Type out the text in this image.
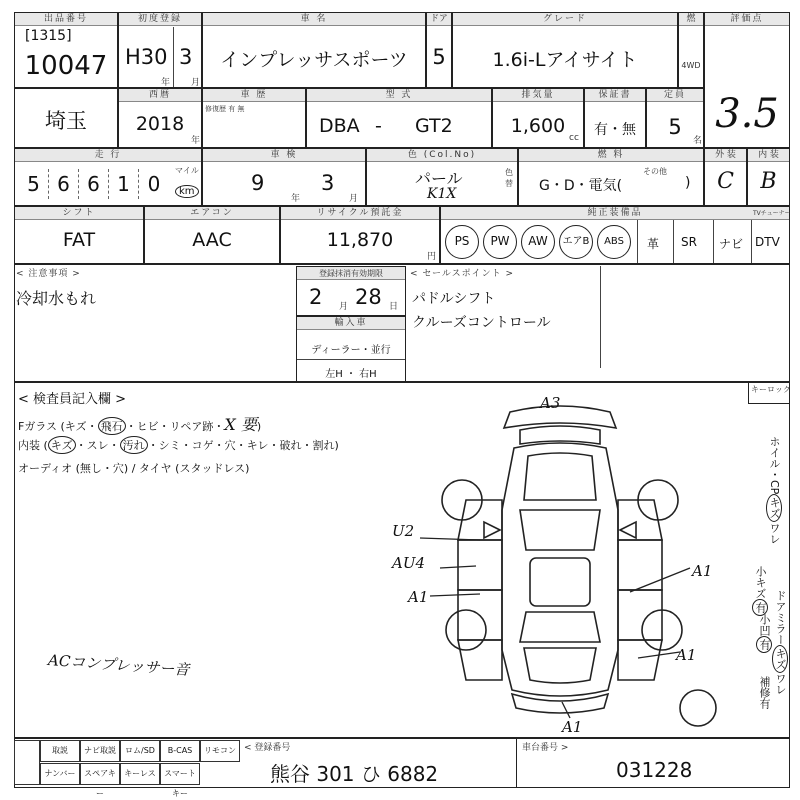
出品番号
[1315]
10047
初度登録
H30 3
年 月
車 名
インプレッサスポーツ
ドア
5
グレード
1.6i-Lアイサイト
燃
4WD
評価点
3.5
埼玉
西暦
2018
年
車 歴
修復歴 有 無
型 式
DBA - GT2
排気量
1,600
cc
保証書
有・無
定員
5
名
走 行
5 6 6 1 0
マイル
km
車 検
9
年
3
月
色 (Col.No)
パール
K1X
色替
燃 料
G・D・電気(
その他
)
外 装
C
内 装
B
シフト
FAT
エアコン
AAC
リサイクル預託金
11,870
円
純正装備品
PS	PW	AW	エアB	ABS	革 SR ナビ DTV
TVチューナー
< 注意事項 >
冷却水もれ
登録抹消有効期限
2 月 28 日
輸入車
ディーラー・並行
左H ・ 右H
< セールスポイント >
パドルシフト
クルーズコントロール
< 検査員記入欄 >
Fガラス (キズ・ 飛石 ・ヒビ・リペア跡・X 要)
内装 ( キズ ・スレ・ 汚れ ・シミ・コゲ・穴・キレ・破れ・割れ)
オーディオ (無し・穴) / タイヤ (スタッドレス)
ACコンプレッサー音
キーロック
A3
U2
AU4
A1
A1
A1
A1
ホイル・CPキズワレ
小キズ有 ドアミラーキズワレ
小凹有
補修有
取説	ナビ取説	ロム/SD	B-CAS	リモコン
ナンバー	スペアキー
キーレス	スマートキー
< 登録番号
熊谷 301 ひ 6882
車台番号 >
031228
